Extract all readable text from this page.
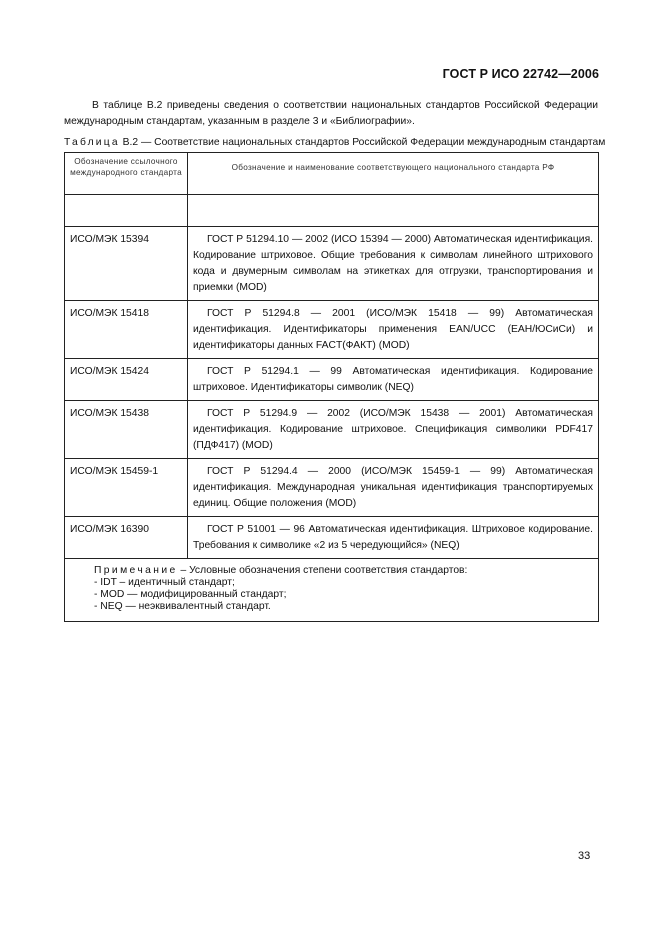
ГОСТ Р ИСО 22742—2006
В таблице В.2 приведены сведения о соответствии национальных стандартов Российской Федерации международным стандартам, указанным в разделе 3 и «Библиографии».
Таблица В.2 — Соответствие национальных стандартов Российской Федерации международным стандартам
Обозначение ссылочного международного стандарта	Обозначение и наименование соответствующего национального стандарта РФ

ИСО/МЭК 15394	ГОСТ Р 51294.10 — 2002 (ИСО 15394 — 2000) Автоматическая идентификация. Кодирование штриховое. Общие требования к символам линейного штрихового кода и двумерным символам на этикетках для отгрузки, транспортирования и приемки (MOD)
ИСО/МЭК 15418	ГОСТ Р 51294.8 — 2001 (ИСО/МЭК 15418 — 99) Автоматическая идентификация. Идентификаторы применения EAN/UCC (ЕАН/ЮСиСи) и идентификаторы данных FACT(ФАКТ) (MOD)
ИСО/МЭК 15424	ГОСТ Р 51294.1 — 99 Автоматическая идентификация. Кодирование штриховое. Идентификаторы символик (NEQ)
ИСО/МЭК 15438	ГОСТ Р 51294.9 — 2002 (ИСО/МЭК 15438 — 2001) Автоматическая идентификация. Кодирование штриховое. Спецификация символики PDF417 (ПДФ417) (MOD)
ИСО/МЭК 15459-1	ГОСТ Р 51294.4 — 2000 (ИСО/МЭК 15459-1 — 99) Автоматическая идентификация. Международная уникальная идентификация транспортируемых единиц. Общие положения (MOD)
ИСО/МЭК 16390	ГОСТ Р 51001 — 96 Автоматическая идентификация. Штриховое кодирование. Требования к символике «2 из 5 чередующийся» (NEQ)

Примечание – Условные обозначения степени соответствия стандартов:
- IDT – идентичный стандарт;
- MOD — модифицированный стандарт;
- NEQ — неэквивалентный стандарт.	
33
